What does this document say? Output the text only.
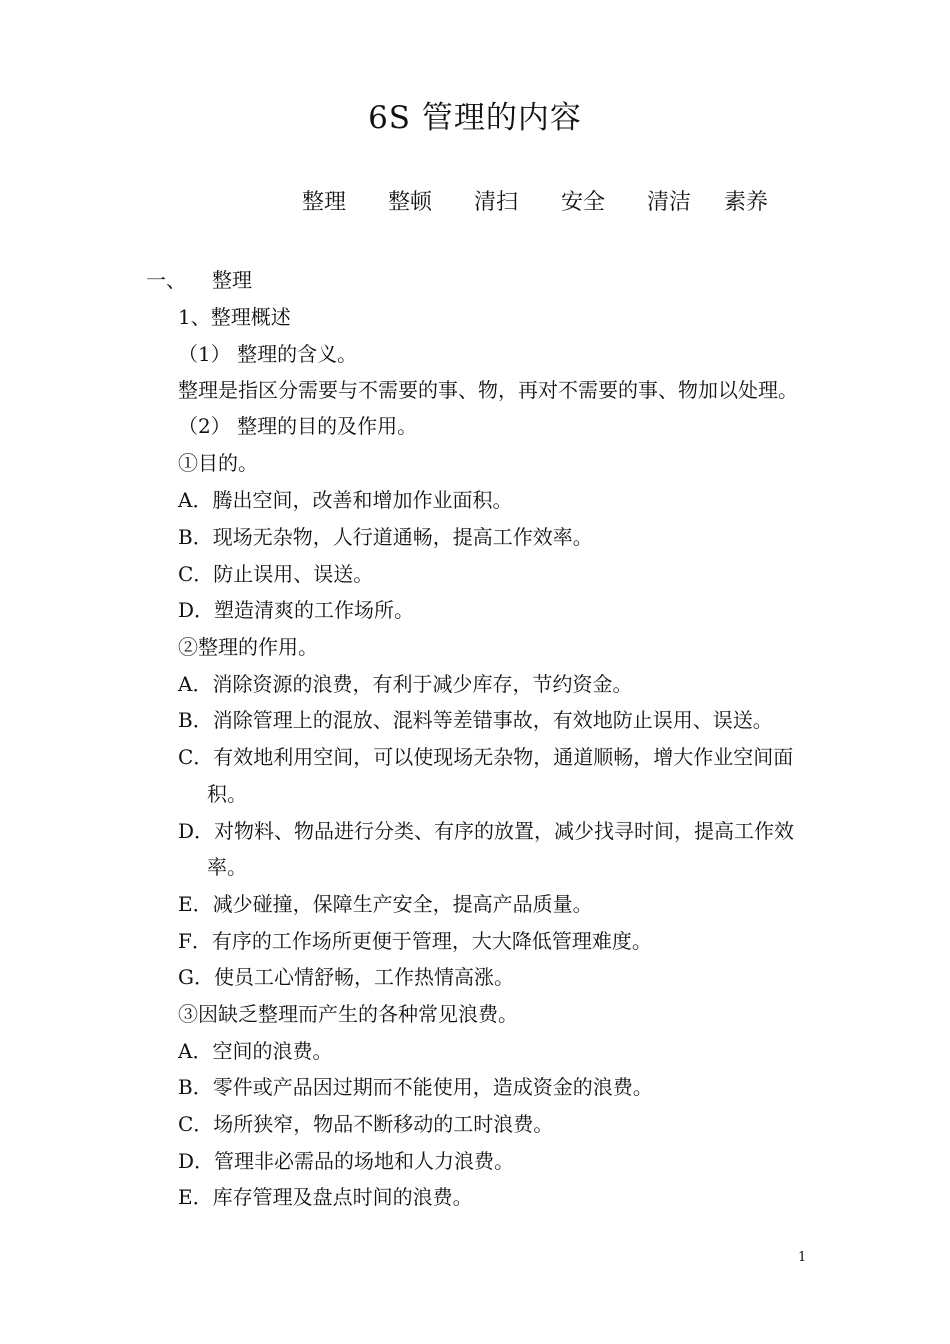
6S 管理的内容
整理 整顿 清扫 安全 清洁 素养
一、 整理
1、整理概述
（1） 整理的含义。
整理是指区分需要与不需要的事、物，再对不需要的事、物加以处理。
（2） 整理的目的及作用。
①目的。
A．腾出空间，改善和增加作业面积。
B．现场无杂物，人行道通畅，提高工作效率。
C．防止误用、误送。
D．塑造清爽的工作场所。
②整理的作用。
A．消除资源的浪费，有利于减少库存，节约资金。
B．消除管理上的混放、混料等差错事故，有效地防止误用、误送。
C．有效地利用空间，可以使现场无杂物，通道顺畅，增大作业空间面
积。
D．对物料、物品进行分类、有序的放置，减少找寻时间，提高工作效
率。
E．减少碰撞，保障生产安全，提高产品质量。
F．有序的工作场所更便于管理，大大降低管理难度。
G．使员工心情舒畅，工作热情高涨。
③因缺乏整理而产生的各种常见浪费。
A．空间的浪费。
B．零件或产品因过期而不能使用，造成资金的浪费。
C．场所狭窄，物品不断移动的工时浪费。
D．管理非必需品的场地和人力浪费。
E．库存管理及盘点时间的浪费。
1
